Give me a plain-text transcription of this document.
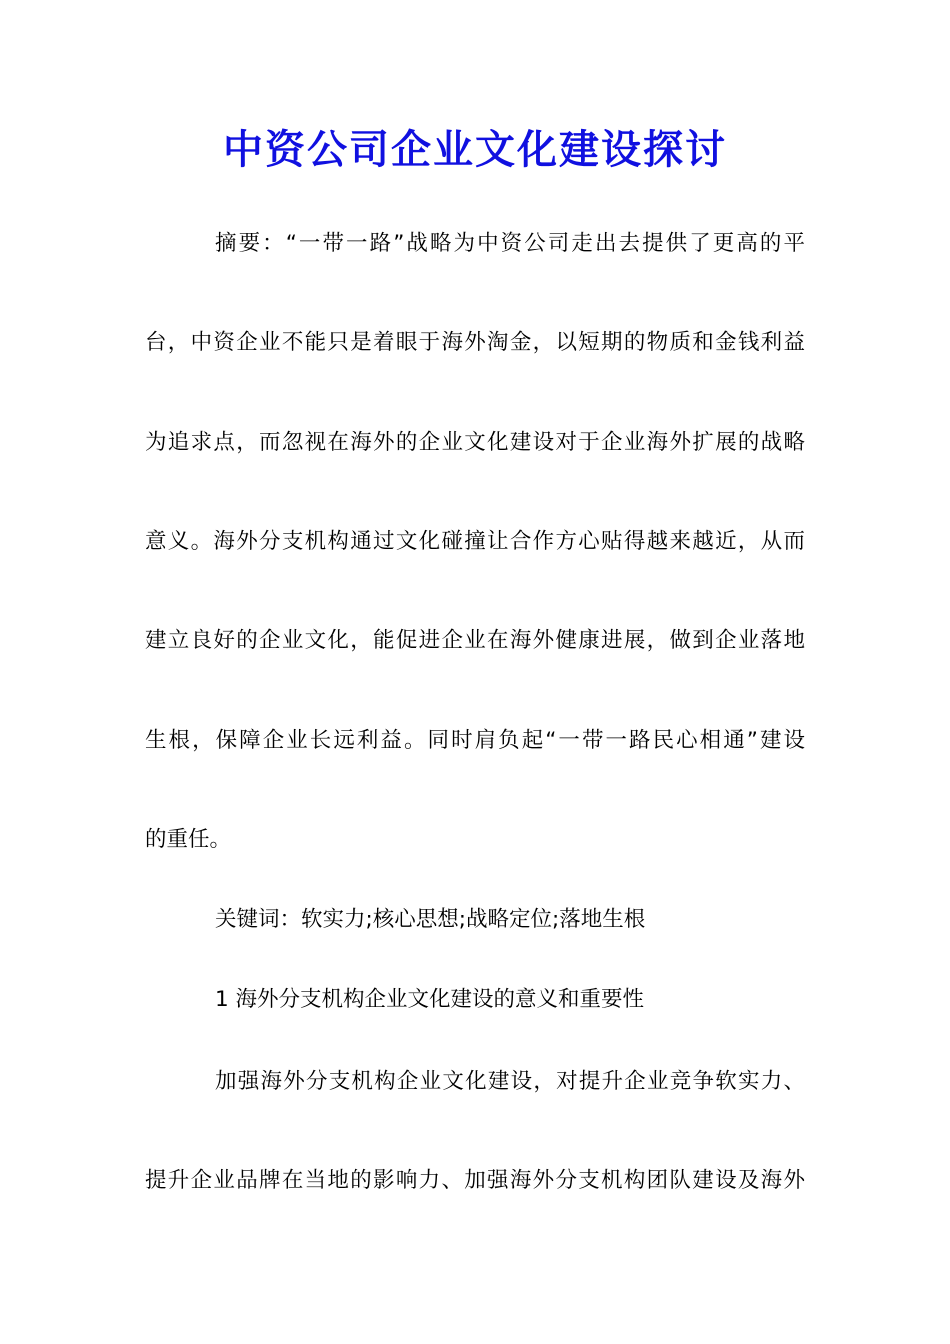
中资公司企业文化建设探讨

摘要：“一带一路”战略为中资公司走出去提供了更高的平

台，中资企业不能只是着眼于海外淘金，以短期的物质和金钱利益

为追求点，而忽视在海外的企业文化建设对于企业海外扩展的战略

意义。海外分支机构通过文化碰撞让合作方心贴得越来越近，从而

建立良好的企业文化，能促进企业在海外健康进展，做到企业落地

生根，保障企业长远利益。同时肩负起“一带一路民心相通”建设

的重任。

关键词：软实力;核心思想;战略定位;落地生根

1 海外分支机构企业文化建设的意义和重要性

加强海外分支机构企业文化建设，对提升企业竞争软实力、

提升企业品牌在当地的影响力、加强海外分支机构团队建设及海外
